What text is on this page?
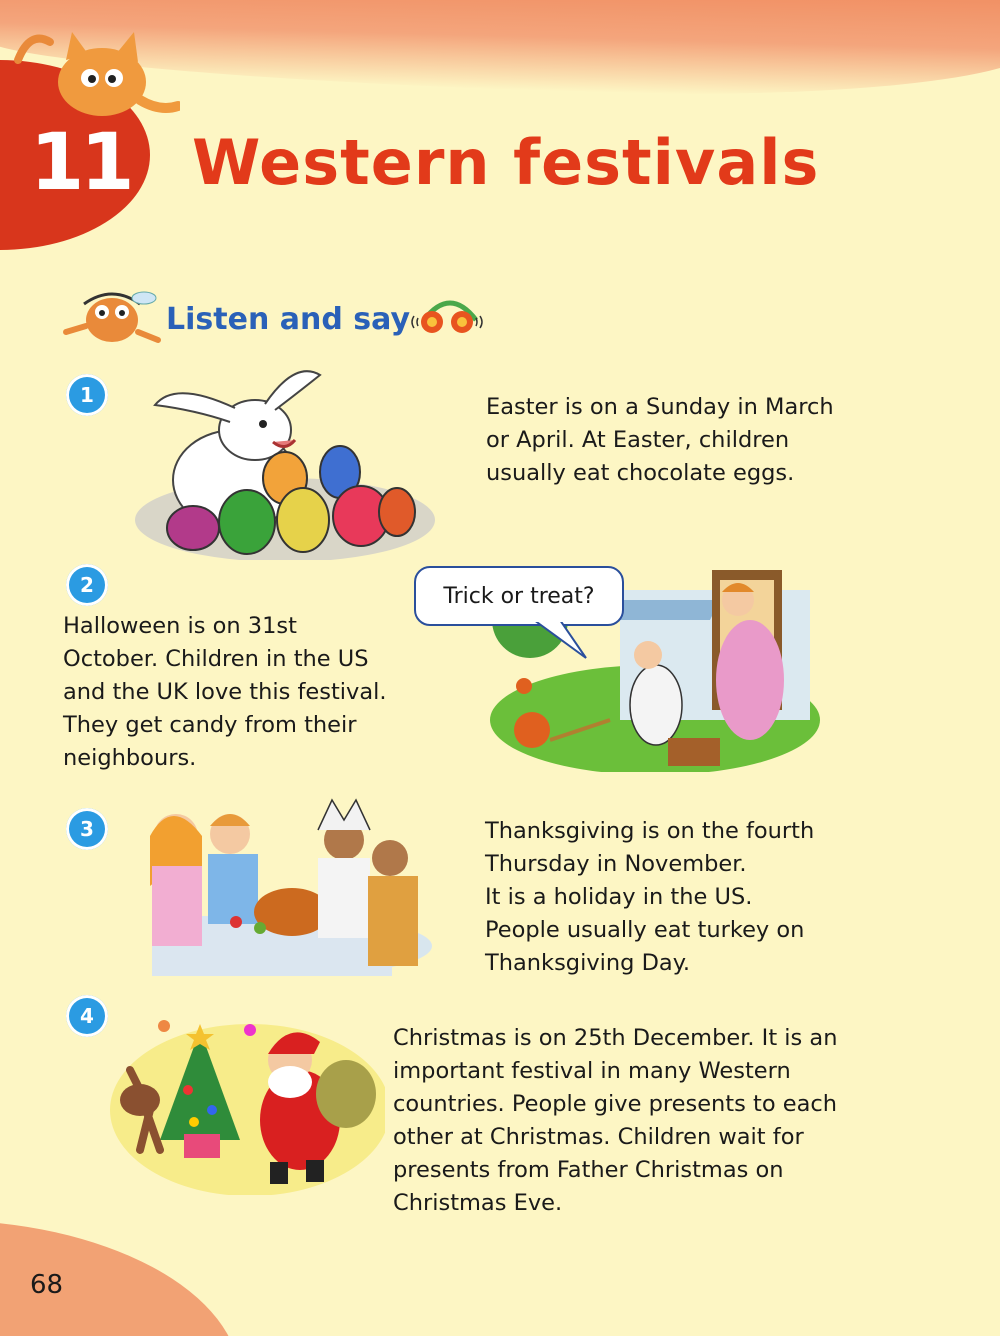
11 Western festivals
Listen and say
1	Easter is on a Sunday in March
or April. At Easter, children
usually eat chocolate eggs.

2

Halloween is on 31st
October. Children in the US
and the UK love this festival.
They get candy from their
neighbours.

Trick or treat?
3	Thanksgiving is on the fourth
Thursday in November.
It is a holiday in the US.
People usually eat turkey on
Thanksgiving Day.

4

Christmas is on 25th December. It is an
important festival in many Western
countries. People give presents to each
other at Christmas. Children wait for
presents from Father Christmas on
Christmas Eve.

68
